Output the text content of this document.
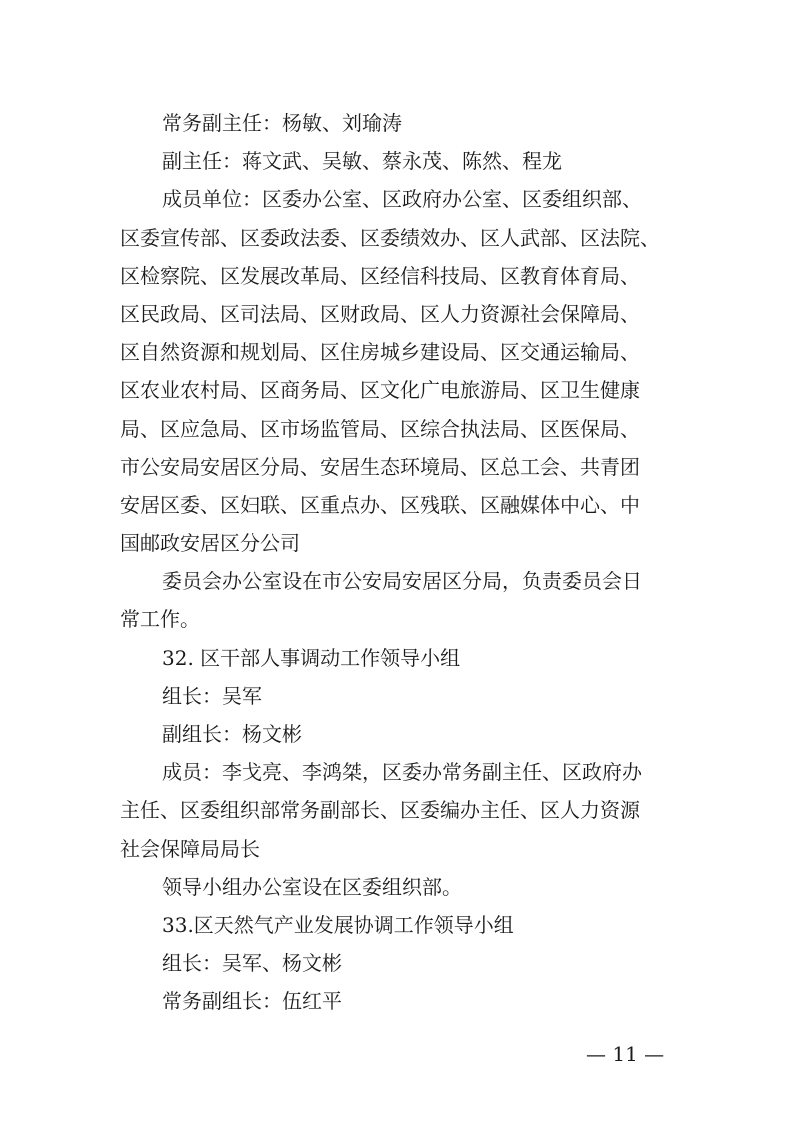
常务副主任：杨敏、刘瑜涛

副主任：蒋文武、吴敏、蔡永茂、陈然、程龙

成员单位：区委办公室、区政府办公室、区委组织部、

区委宣传部、区委政法委、区委绩效办、区人武部、区法院、

区检察院、区发展改革局、区经信科技局、区教育体育局、

区民政局、区司法局、区财政局、区人力资源社会保障局、

区自然资源和规划局、区住房城乡建设局、区交通运输局、

区农业农村局、区商务局、区文化广电旅游局、区卫生健康

局、区应急局、区市场监管局、区综合执法局、区医保局、

市公安局安居区分局、安居生态环境局、区总工会、共青团

安居区委、区妇联、区重点办、区残联、区融媒体中心、中

国邮政安居区分公司

委员会办公室设在市公安局安居区分局，负责委员会日

常工作。

32. 区干部人事调动工作领导小组

组长：吴军

副组长：杨文彬

成员：李戈亮、李鸿桀，区委办常务副主任、区政府办

主任、区委组织部常务副部长、区委编办主任、区人力资源

社会保障局局长

领导小组办公室设在区委组织部。

33.区天然气产业发展协调工作领导小组

组长：吴军、杨文彬

常务副组长：伍红平

— 11 —
